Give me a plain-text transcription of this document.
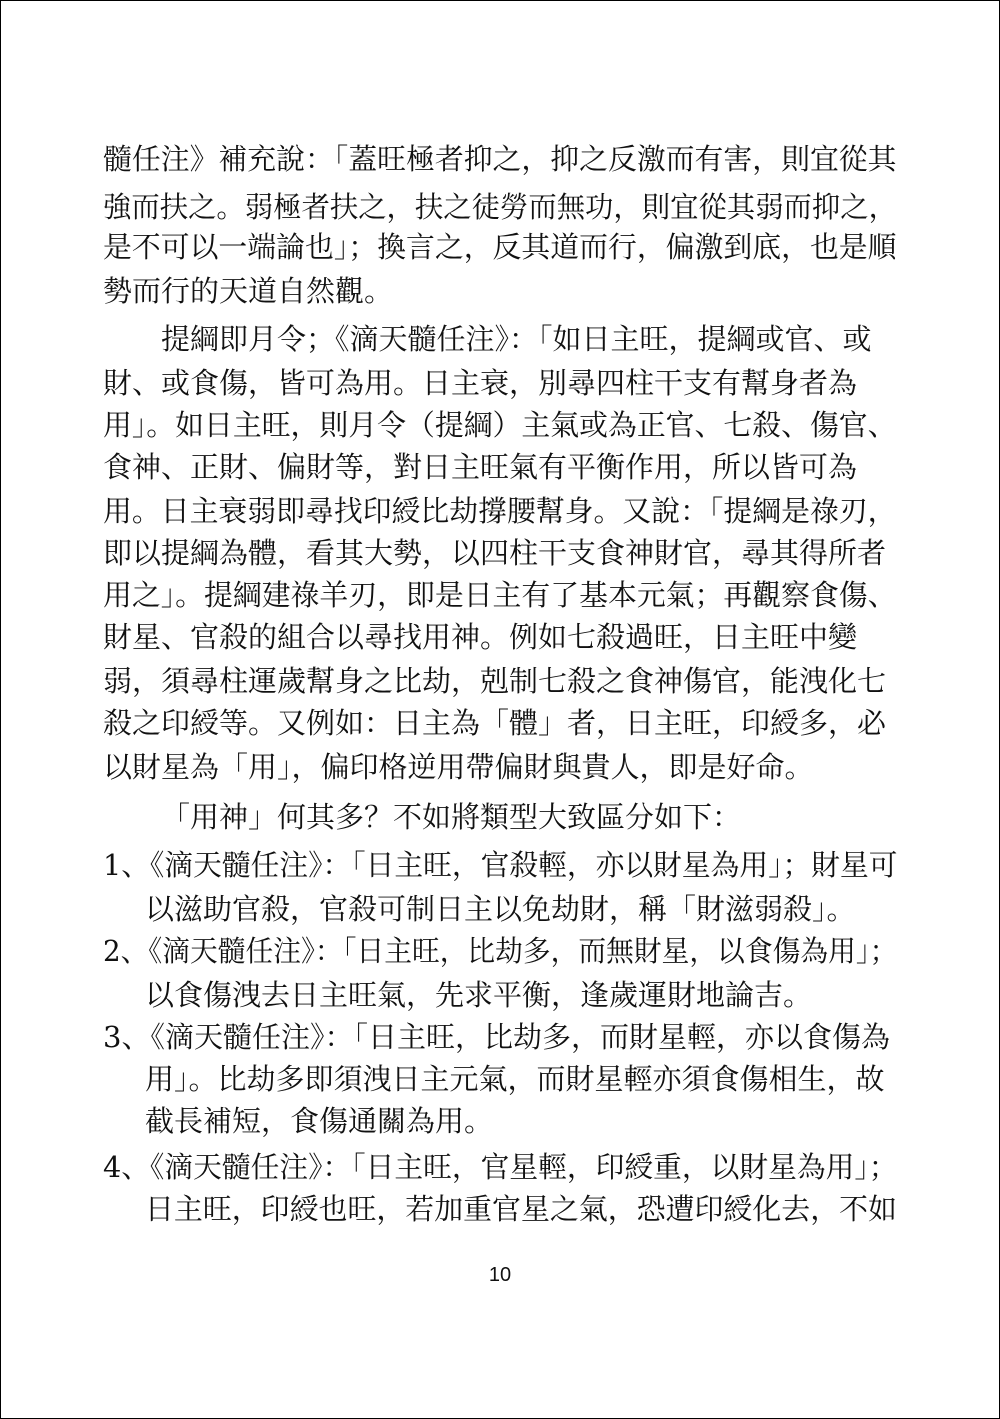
髓任注》補充說：「蓋旺極者抑之，抑之反激而有害，則宜從其

強而扶之。弱極者扶之，扶之徒勞而無功，則宜從其弱而抑之，

是不可以一端論也」；換言之，反其道而行，偏激到底，也是順

勢而行的天道自然觀。

提綱即月令；《滴天髓任注》：「如日主旺，提綱或官、或

財、或食傷，皆可為用。日主衰，別尋四柱干支有幫身者為

用」。如日主旺，則月令（提綱）主氣或為正官、七殺、傷官、

食神、正財、偏財等，對日主旺氣有平衡作用，所以皆可為

用。日主衰弱即尋找印綬比劫撐腰幫身。又說：「提綱是祿刃，

即以提綱為體，看其大勢，以四柱干支食神財官，尋其得所者

用之」。提綱建祿羊刃，即是日主有了基本元氣；再觀察食傷、

財星、官殺的組合以尋找用神。例如七殺過旺，日主旺中變

弱，須尋柱運歲幫身之比劫，剋制七殺之食神傷官，能洩化七

殺之印綬等。又例如：日主為「體」者，日主旺，印綬多，必

以財星為「用」，偏印格逆用帶偏財與貴人，即是好命。

「用神」何其多？不如將類型大致區分如下：

1、《滴天髓任注》：「日主旺，官殺輕，亦以財星為用」；財星可

以滋助官殺，官殺可制日主以免劫財，稱「財滋弱殺」。

2、《滴天髓任注》：「日主旺，比劫多，而無財星，以食傷為用」；

以食傷洩去日主旺氣，先求平衡，逢歲運財地論吉。

3、《滴天髓任注》：「日主旺，比劫多，而財星輕，亦以食傷為

用」。比劫多即須洩日主元氣，而財星輕亦須食傷相生，故

截長補短，食傷通關為用。

4、《滴天髓任注》：「日主旺，官星輕，印綬重，以財星為用」；

日主旺，印綬也旺，若加重官星之氣，恐遭印綬化去，不如

10
